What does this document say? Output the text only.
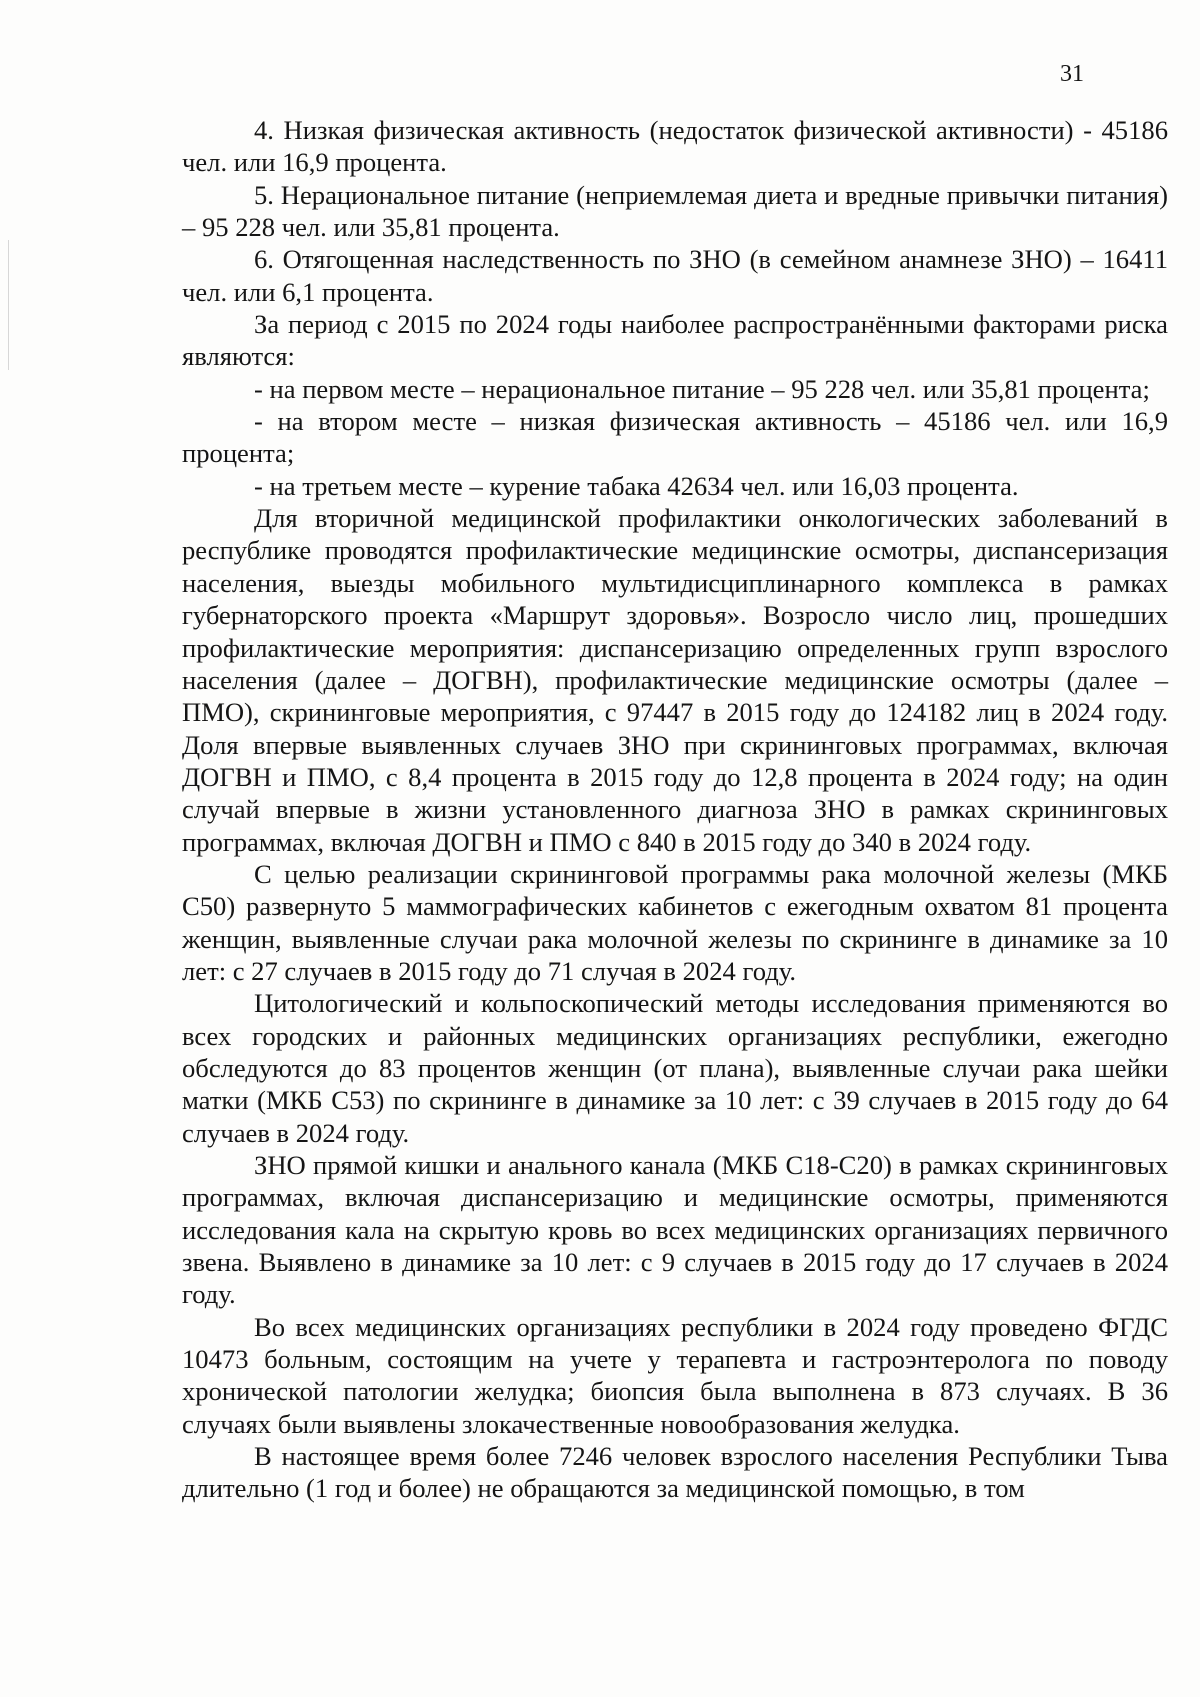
31

4. Низкая физическая активность (недостаток физической активности) - 45186 чел. или 16,9 процента.

5. Нерациональное питание (неприемлемая диета и вредные привычки питания) – 95 228 чел. или 35,81 процента.

6. Отягощенная наследственность по ЗНО (в семейном анамнезе ЗНО) – 16411 чел. или 6,1 процента.

За период с 2015 по 2024 годы наиболее распространёнными факторами риска являются:

- на первом месте – нерациональное питание – 95 228 чел. или 35,81 процента;

- на втором месте – низкая физическая активность – 45186 чел. или 16,9 процента;

- на третьем месте – курение табака 42634 чел. или 16,03 процента.

Для вторичной медицинской профилактики онкологических заболеваний в республике проводятся профилактические медицинские осмотры, диспансеризация населения, выезды мобильного мультидисциплинарного комплекса в рамках губернаторского проекта «Маршрут здоровья». Возросло число лиц, прошедших профилактические мероприятия: диспансеризацию определенных групп взрослого населения (далее – ДОГВН), профилактические медицинские осмотры (далее – ПМО), скрининговые мероприятия, с 97447 в 2015 году до 124182 лиц в 2024 году. Доля впервые выявленных случаев ЗНО при скрининговых программах, включая ДОГВН и ПМО, с 8,4 процента в 2015 году до 12,8 процента в 2024 году; на один случай впервые в жизни установленного диагноза ЗНО в рамках скрининговых программах, включая ДОГВН и ПМО с 840 в 2015 году до 340 в 2024 году.

С целью реализации скрининговой программы рака молочной железы (МКБ С50) развернуто 5 маммографических кабинетов с ежегодным охватом 81 процента женщин, выявленные случаи рака молочной железы по скринингe в динамике за 10 лет: с 27 случаев в 2015 году до 71 случая в 2024 году.

Цитологический и кольпоскопический методы исследования применяются во всех городских и районных медицинских организациях республики, ежегодно обследуются до 83 процентов женщин (от плана), выявленные случаи рака шейки матки (МКБ С53) по скринингe в динамике за 10 лет: с 39 случаев в 2015 году до 64 случаев в 2024 году.

ЗНО прямой кишки и анального канала (МКБ С18-С20) в рамках скрининговых программах, включая диспансеризацию и медицинские осмотры, применяются исследования кала на скрытую кровь во всех медицинских организациях первичного звена. Выявлено в динамике за 10 лет: с 9 случаев в 2015 году до 17 случаев в 2024 году.

Во всех медицинских организациях республики в 2024 году проведено ФГДС 10473 больным, состоящим на учете у терапевта и гастроэнтеролога по поводу хронической патологии желудка; биопсия была выполнена в 873 случаях. В 36 случаях были выявлены злокачественные новообразования желудка.

В настоящее время более 7246 человек взрослого населения Республики Тыва длительно (1 год и более) не обращаются за медицинской помощью, в том
